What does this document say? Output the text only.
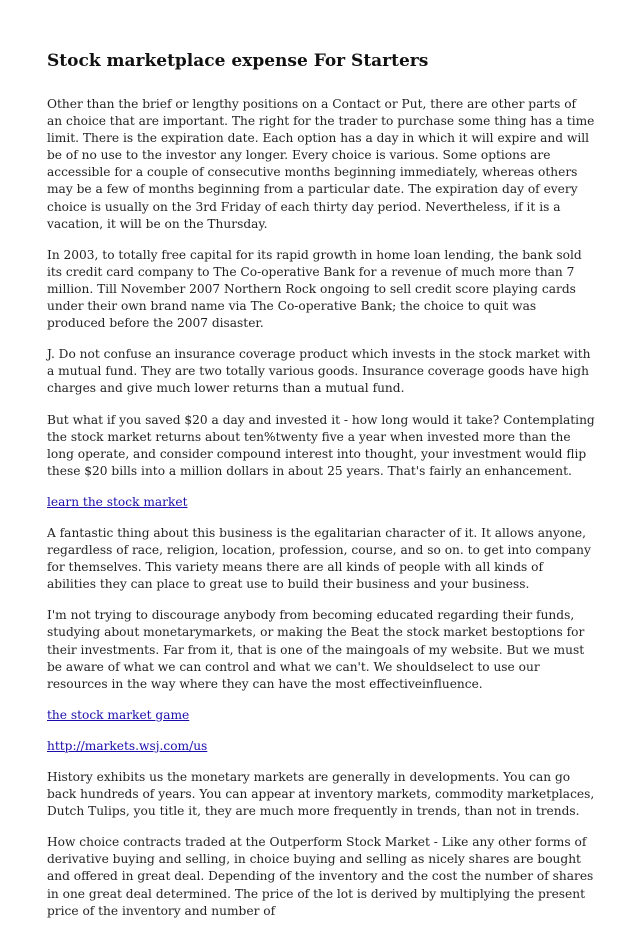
Stock marketplace expense For Starters

Other than the brief or lengthy positions on a Contact or Put, there are other parts of an choice that are important. The right for the trader to purchase some thing has a time limit. There is the expiration date. Each option has a day in which it will expire and will be of no use to the investor any longer. Every choice is various. Some options are accessible for a couple of consecutive months beginning immediately, whereas others may be a few of months beginning from a particular date. The expiration day of every choice is usually on the 3rd Friday of each thirty day period. Nevertheless, if it is a vacation, it will be on the Thursday.

In 2003, to totally free capital for its rapid growth in home loan lending, the bank sold its credit card company to The Co-operative Bank for a revenue of much more than 7 million. Till November 2007 Northern Rock ongoing to sell credit score playing cards under their own brand name via The Co-operative Bank; the choice to quit was produced before the 2007 disaster.

J. Do not confuse an insurance coverage product which invests in the stock market with a mutual fund. They are two totally various goods. Insurance coverage goods have high charges and give much lower returns than a mutual fund.

But what if you saved $20 a day and invested it - how long would it take? Contemplating the stock market returns about ten%twenty five a year when invested more than the long operate, and consider compound interest into thought, your investment would flip these $20 bills into a million dollars in about 25 years. That's fairly an enhancement.

learn the stock market

A fantastic thing about this business is the egalitarian character of it. It allows anyone, regardless of race, religion, location, profession, course, and so on. to get into company for themselves. This variety means there are all kinds of people with all kinds of abilities they can place to great use to build their business and your business.

I'm not trying to discourage anybody from becoming educated regarding their funds, studying about monetarymarkets, or making the Beat the stock market bestoptions for their investments. Far from it, that is one of the maingoals of my website. But we must be aware of what we can control and what we can't. We shouldselect to use our resources in the way where they can have the most effectiveinfluence.

the stock market game

http://markets.wsj.com/us

History exhibits us the monetary markets are generally in developments. You can go back hundreds of years. You can appear at inventory markets, commodity marketplaces, Dutch Tulips, you title it, they are much more frequently in trends, than not in trends.

How choice contracts traded at the Outperform Stock Market - Like any other forms of derivative buying and selling, in choice buying and selling as nicely shares are bought and offered in great deal. Depending of the inventory and the cost the number of shares in one great deal determined. The price of the lot is derived by multiplying the present price of the inventory and number of
